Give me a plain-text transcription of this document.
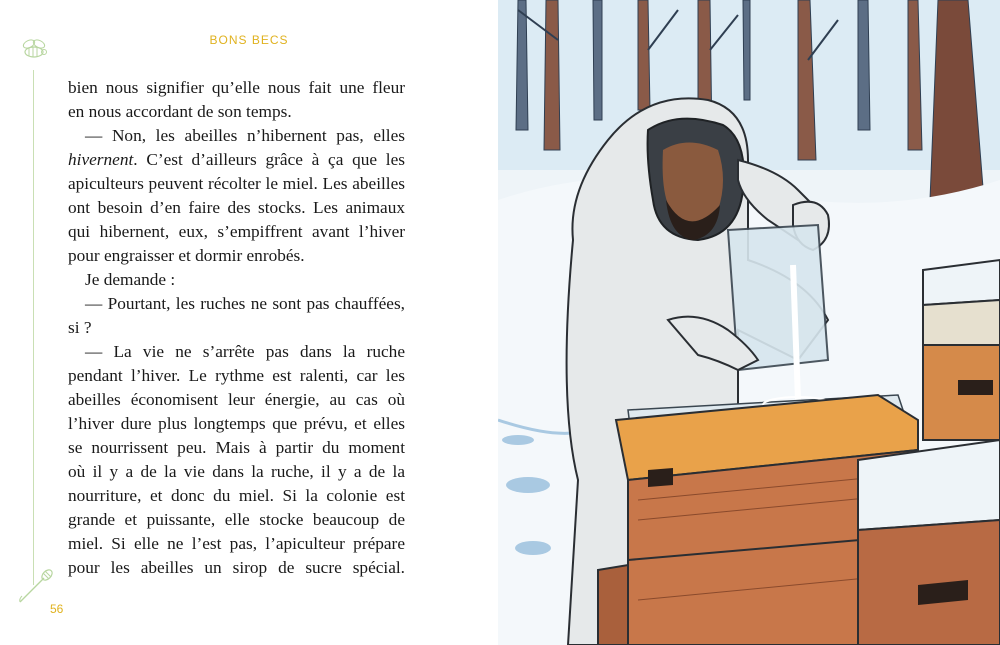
BONS BECS
bien nous signifier qu’elle nous fait une fleur
en nous accordant de son temps.
— Non, les abeilles n’hibernent pas, elles
hivernent. C’est d’ailleurs grâce à ça que les
apiculteurs peuvent récolter le miel. Les abeilles
ont besoin d’en faire des stocks. Les animaux
qui hibernent, eux, s’empiffrent avant l’hiver
pour engraisser et dormir enrobés.
Je demande :
— Pourtant, les ruches ne sont pas chauffées,
si ?
— La vie ne s’arrête pas dans la ruche
pendant l’hiver. Le rythme est ralenti, car les
abeilles économisent leur énergie, au cas où
l’hiver dure plus longtemps que prévu, et elles
se nourrissent peu. Mais à partir du moment
où il y a de la vie dans la ruche, il y a de la
nourriture, et donc du miel. Si la colonie est
grande et puissante, elle stocke beaucoup de
miel. Si elle ne l’est pas, l’apiculteur prépare
pour les abeilles un sirop de sucre spécial.
56
